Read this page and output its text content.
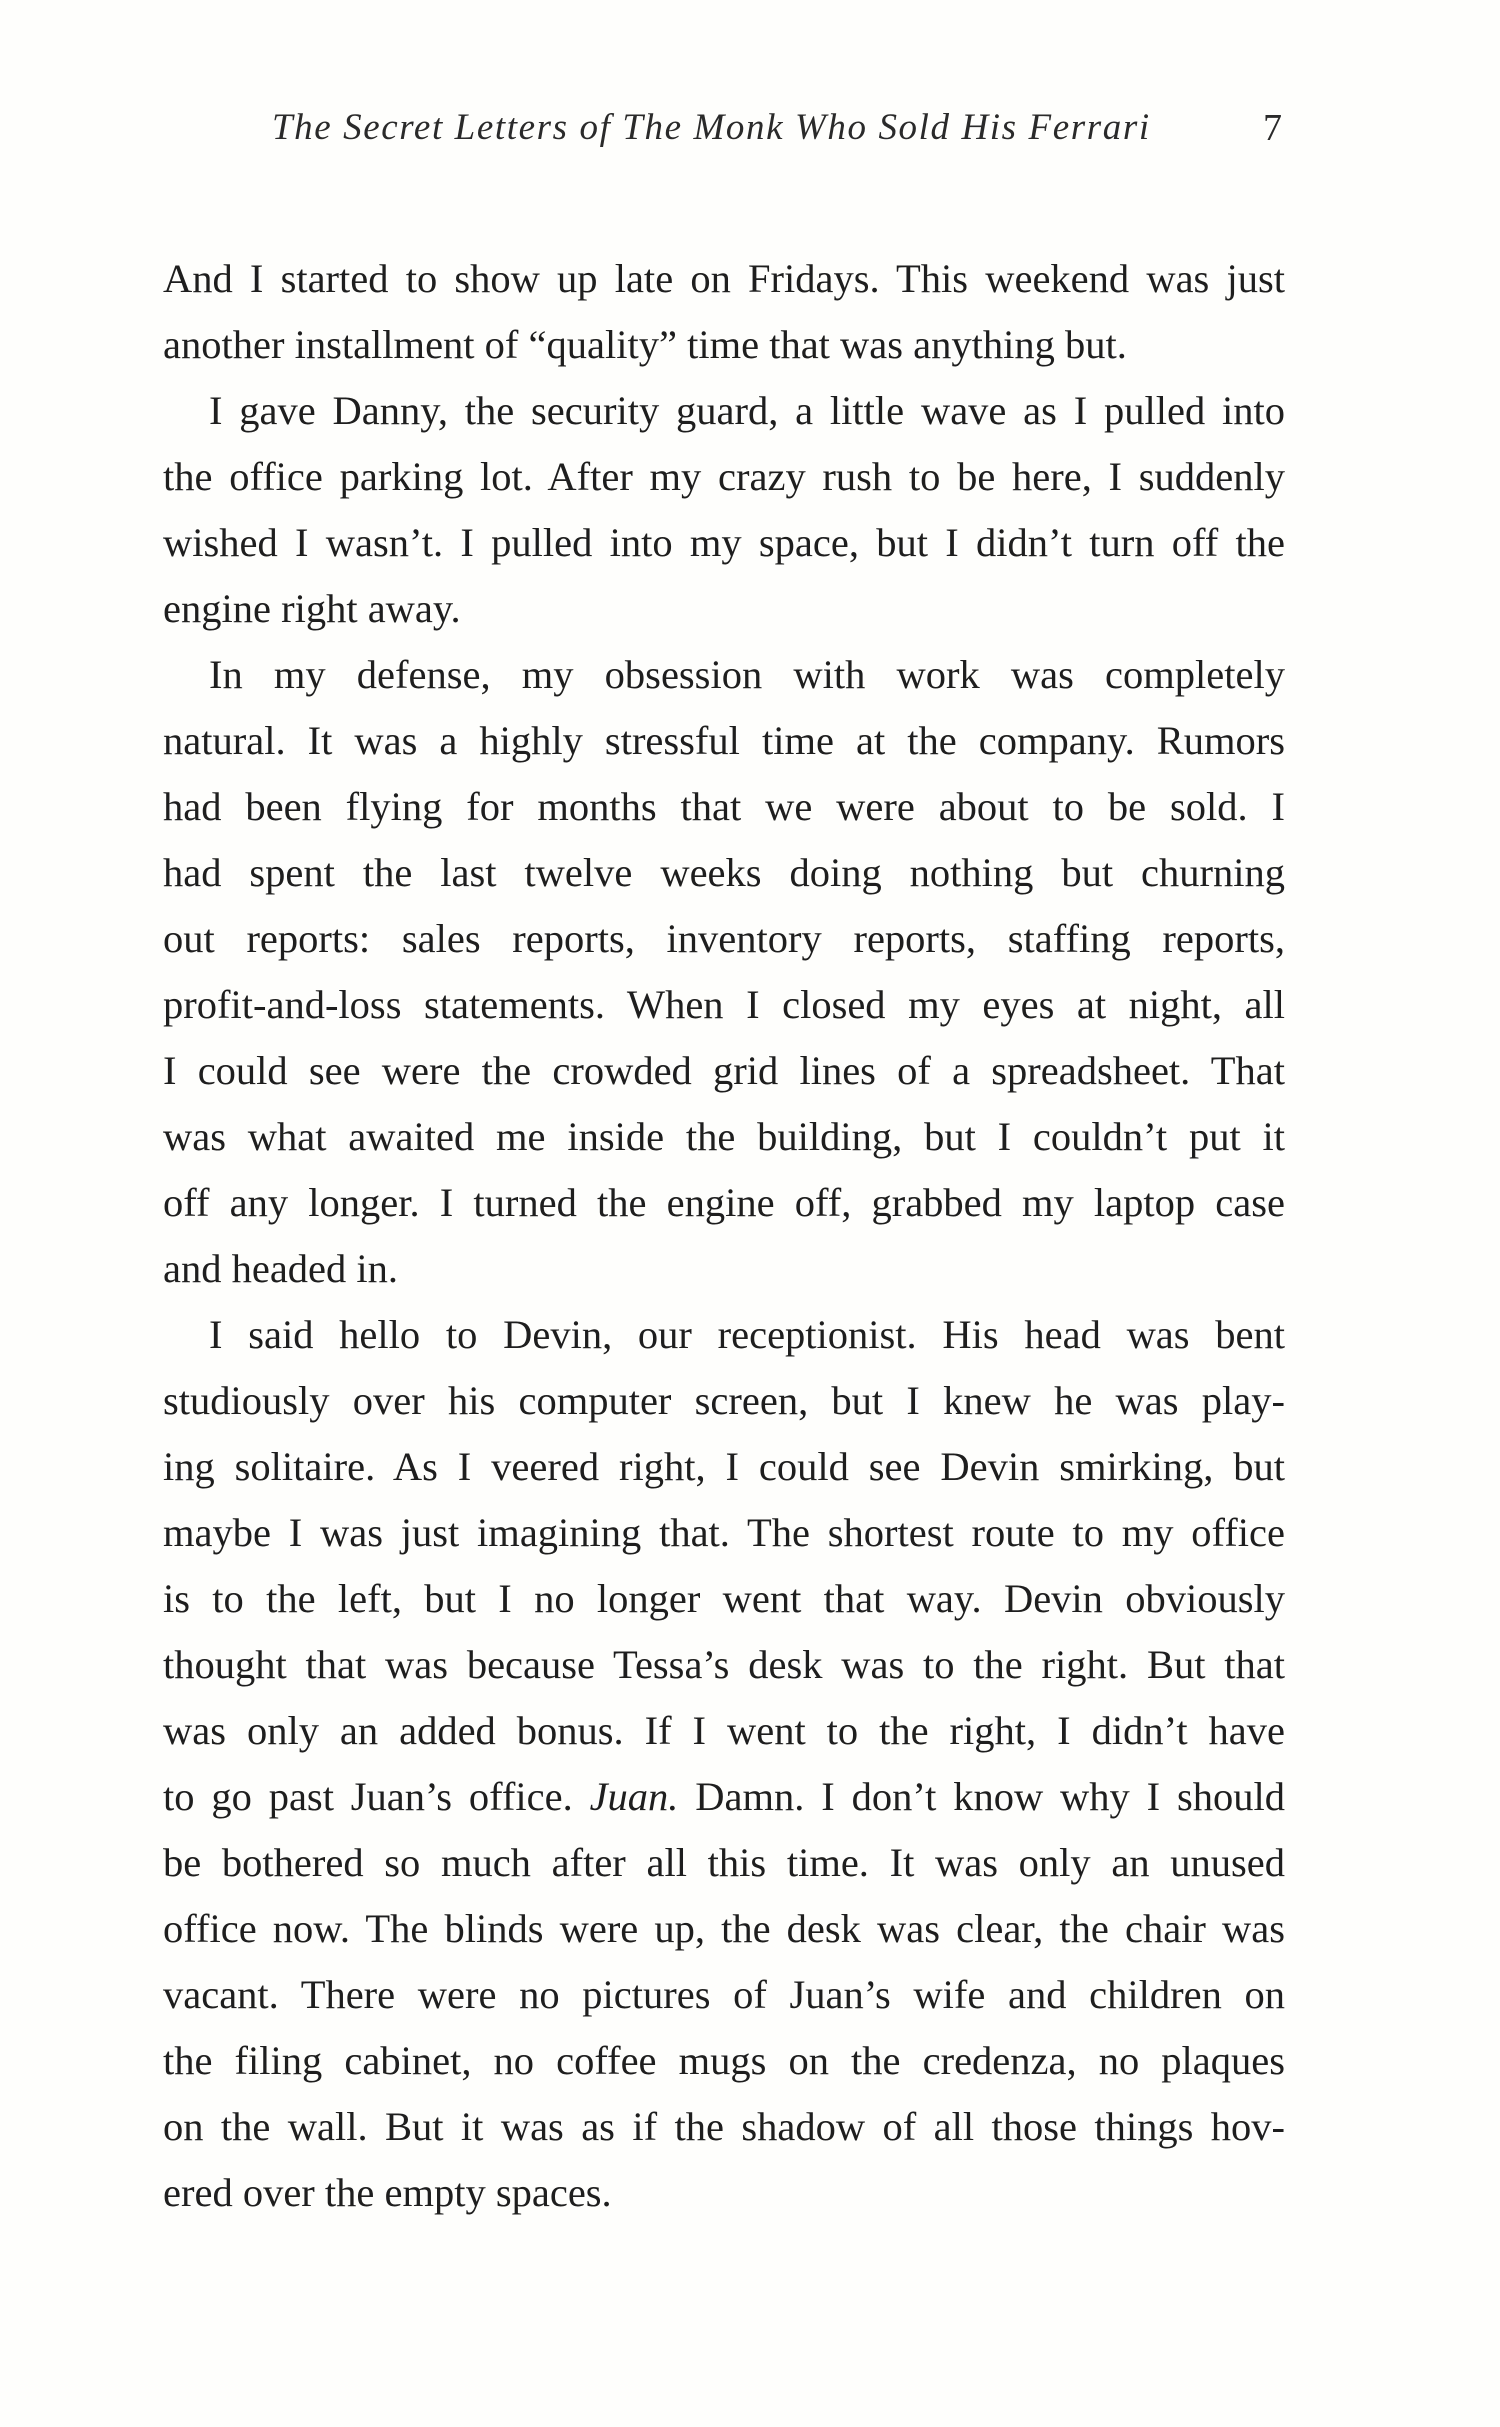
The Secret Letters of The Monk Who Sold His Ferrari	7
And I started to show up late on Fridays. This weekend was just
another installment of “quality” time that was anything but.
I gave Danny, the security guard, a little wave as I pulled into
the office parking lot. After my crazy rush to be here, I suddenly
wished I wasn’t. I pulled into my space, but I didn’t turn off the
engine right away.
In my defense, my obsession with work was completely
natural. It was a highly stressful time at the company. Rumors
had been flying for months that we were about to be sold. I
had spent the last twelve weeks doing nothing but churning
out reports: sales reports, inventory reports, staffing reports,
profit-and-loss statements. When I closed my eyes at night, all
I could see were the crowded grid lines of a spreadsheet. That
was what awaited me inside the building, but I couldn’t put it
off any longer. I turned the engine off, grabbed my laptop case
and headed in.
I said hello to Devin, our receptionist. His head was bent
studiously over his computer screen, but I knew he was play-
ing solitaire. As I veered right, I could see Devin smirking, but
maybe I was just imagining that. The shortest route to my office
is to the left, but I no longer went that way. Devin obviously
thought that was because Tessa’s desk was to the right. But that
was only an added bonus. If I went to the right, I didn’t have
to go past Juan’s office. Juan. Damn. I don’t know why I should
be bothered so much after all this time. It was only an unused
office now. The blinds were up, the desk was clear, the chair was
vacant. There were no pictures of Juan’s wife and children on
the filing cabinet, no coffee mugs on the credenza, no plaques
on the wall. But it was as if the shadow of all those things hov-
ered over the empty spaces.
